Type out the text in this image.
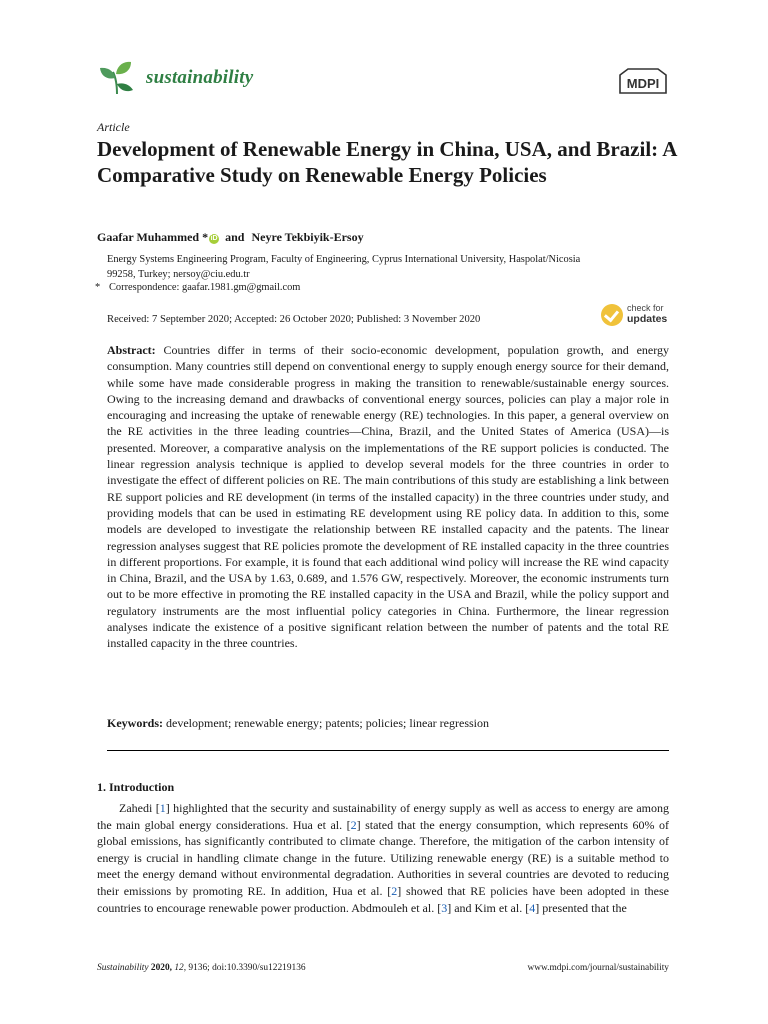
sustainability	MDPI
Article
Development of Renewable Energy in China, USA, and Brazil: A Comparative Study on Renewable Energy Policies
Gaafar Muhammed * iD and Neyre Tekbiyik-Ersoy
Energy Systems Engineering Program, Faculty of Engineering, Cyprus International University, Haspolat/Nicosia 99258, Turkey; nersoy@ciu.edu.tr
* Correspondence: gaafar.1981.gm@gmail.com
check for
updates
Received: 7 September 2020; Accepted: 26 October 2020; Published: 3 November 2020
Abstract: Countries differ in terms of their socio-economic development, population growth, and energy consumption. Many countries still depend on conventional energy to supply enough energy source for their demand, while some have made considerable progress in making the transition to renewable/sustainable energy sources. Owing to the increasing demand and drawbacks of conventional energy sources, policies can play a major role in encouraging and increasing the uptake of renewable energy (RE) technologies. In this paper, a general overview on the RE activities in the three leading countries—China, Brazil, and the United States of America (USA)—is presented. Moreover, a comparative analysis on the implementations of the RE support policies is conducted. The linear regression analysis technique is applied to develop several models for the three countries in order to investigate the effect of different policies on RE. The main contributions of this study are establishing a link between RE support policies and RE development (in terms of the installed capacity) in the three countries under study, and providing models that can be used in estimating RE development using RE policy data. In addition to this, some models are developed to investigate the relationship between RE installed capacity and the patents. The linear regression analyses suggest that RE policies promote the development of RE installed capacity in the three countries in different proportions. For example, it is found that each additional wind policy will increase the RE wind capacity in China, Brazil, and the USA by 1.63, 0.689, and 1.576 GW, respectively. Moreover, the economic instruments turn out to be more effective in promoting the RE installed capacity in the USA and Brazil, while the policy support and regulatory instruments are the most influential policy categories in China. Furthermore, the linear regression analyses indicate the existence of a positive significant relation between the number of patents and the total RE installed capacity in the three countries.
Keywords: development; renewable energy; patents; policies; linear regression
1. Introduction
Zahedi [1] highlighted that the security and sustainability of energy supply as well as access to energy are among the main global energy considerations. Hua et al. [2] stated that the energy consumption, which represents 60% of global emissions, has significantly contributed to climate change. Therefore, the mitigation of the carbon intensity of energy is crucial in handling climate change in the future. Utilizing renewable energy (RE) is a suitable method to meet the energy demand without environmental degradation. Authorities in several countries are devoted to reducing their emissions by promoting RE. In addition, Hua et al. [2] showed that RE policies have been adopted in these countries to encourage renewable power production. Abdmouleh et al. [3] and Kim et al. [4] presented that the
Sustainability 2020, 12, 9136; doi:10.3390/su12219136	www.mdpi.com/journal/sustainability
